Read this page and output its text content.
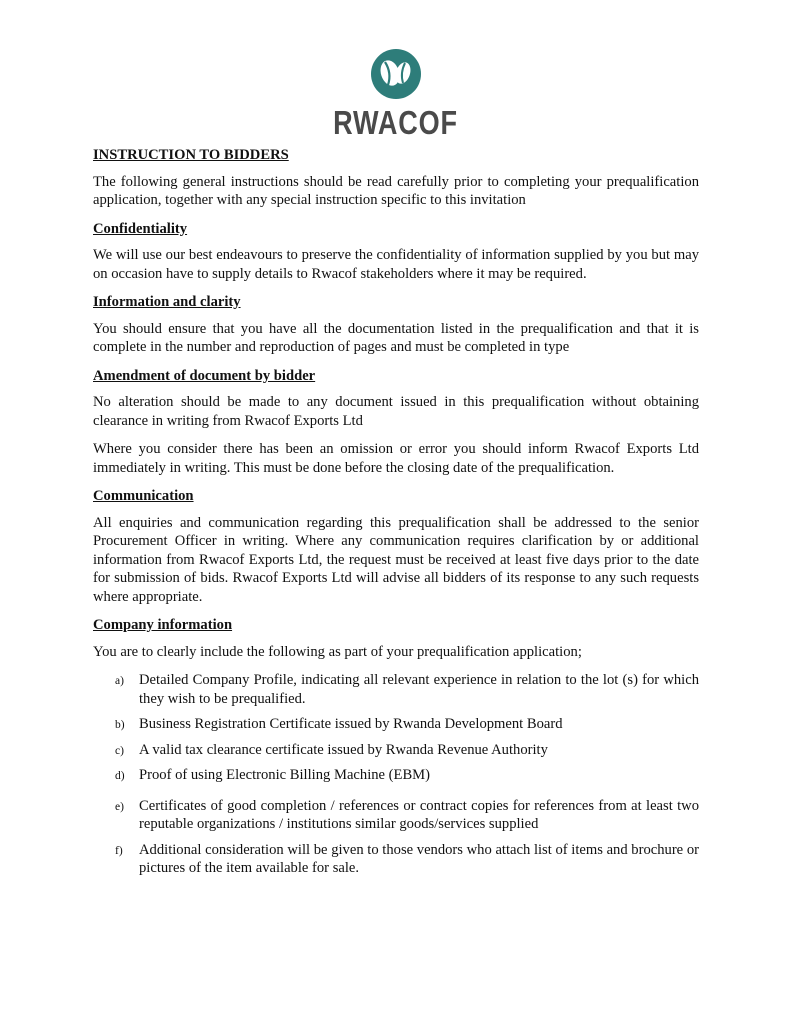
RWACOF
INSTRUCTION TO BIDDERS

The following general instructions should be read carefully prior to completing your prequalification application, together with any special instruction specific to this invitation

Confidentiality

We will use our best endeavours to preserve the confidentiality of information supplied by you but may on occasion have to supply details to Rwacof stakeholders where it may be required.

Information and clarity

You should ensure that you have all the documentation listed in the prequalification and that it is complete in the number and reproduction of pages and must be completed in type

Amendment of document by bidder

No alteration should be made to any document issued in this prequalification without obtaining clearance in writing from Rwacof Exports Ltd

Where you consider there has been an omission or error you should inform Rwacof Exports Ltd immediately in writing. This must be done before the closing date of the prequalification.

Communication

All enquiries and communication regarding this prequalification shall be addressed to the senior Procurement Officer in writing. Where any communication requires clarification by or additional information from Rwacof Exports Ltd, the request must be received at least five days prior to the date for submission of bids. Rwacof Exports Ltd will advise all bidders of its response to any such requests where appropriate.

Company information

You are to clearly include the following as part of your prequalification application;

a) Detailed Company Profile, indicating all relevant experience in relation to the lot (s) for which they wish to be prequalified.
b) Business Registration Certificate issued by Rwanda Development Board
c) A valid tax clearance certificate issued by Rwanda Revenue Authority
d) Proof of using Electronic Billing Machine (EBM)
e) Certificates of good completion / references or contract copies for references from at least two reputable organizations / institutions similar goods/services supplied
f) Additional consideration will be given to those vendors who attach list of items and brochure or pictures of the item available for sale.
